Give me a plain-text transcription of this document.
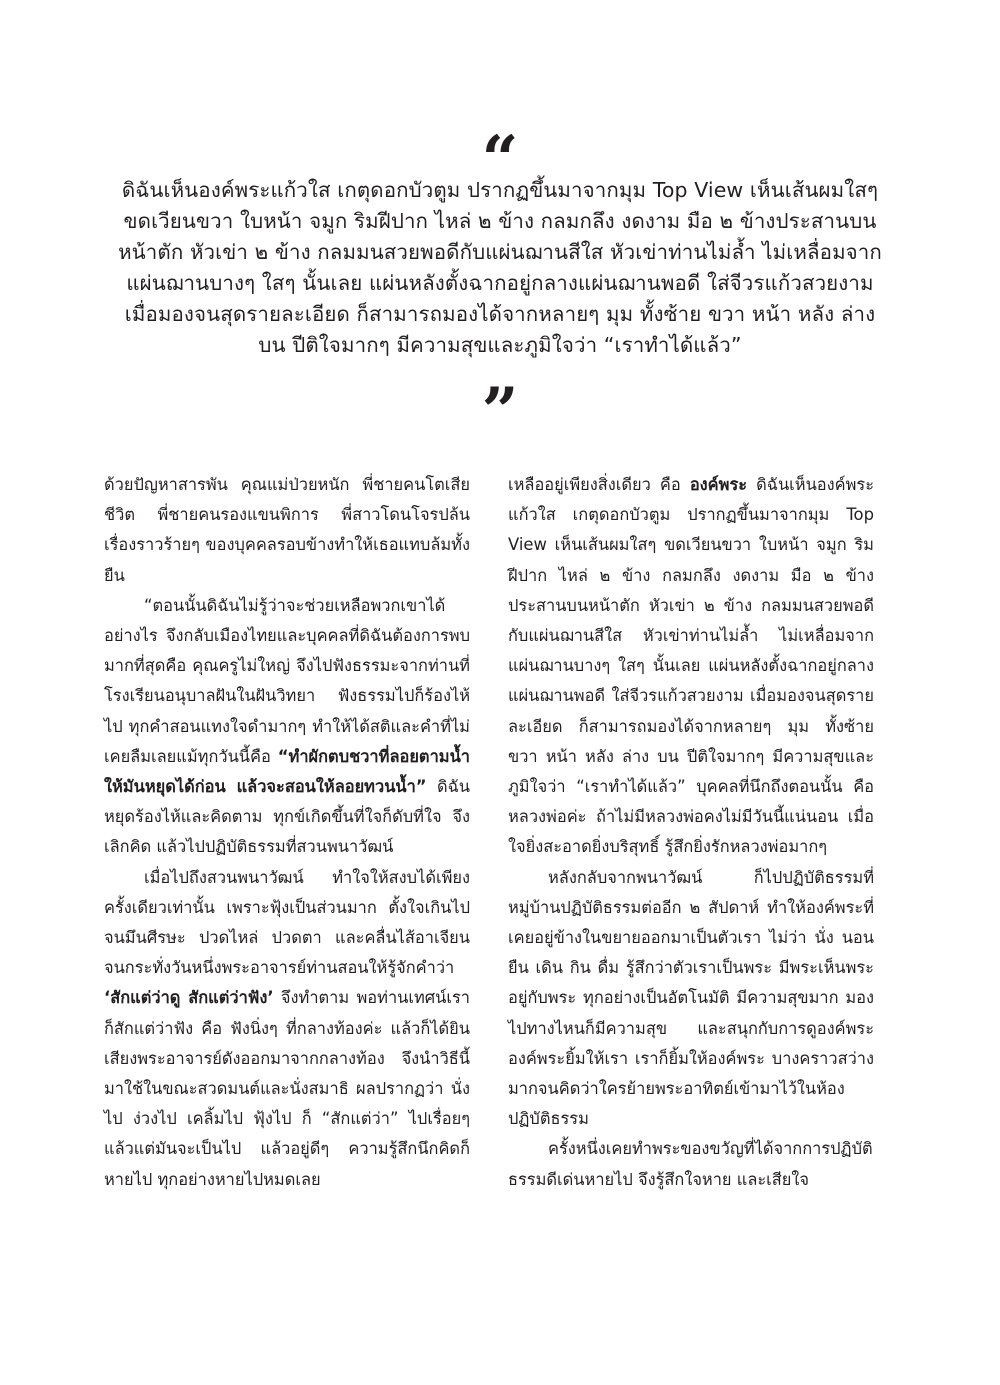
“

ดิฉันเห็นองค์พระแก้วใส เกตุดอกบัวตูม ปรากฏขึ้นมาจากมุม Top View เห็นเส้นผมใสๆ ขดเวียนขวา ใบหน้า จมูก ริมฝีปาก ไหล่ ๒ ข้าง กลมกลึง งดงาม มือ ๒ ข้างประสานบนหน้าตัก หัวเข่า ๒ ข้าง กลมมนสวยพอดีกับแผ่นฌานสีใส หัวเข่าท่านไม่ล้ำ ไม่เหลื่อมจากแผ่นฌานบางๆ ใสๆ นั้นเลย แผ่นหลังตั้งฉากอยู่กลางแผ่นฌานพอดี ใส่จีวรแก้วสวยงาม เมื่อมองจนสุดรายละเอียด ก็สามารถมองได้จากหลายๆ มุม ทั้งซ้าย ขวา หน้า หลัง ล่าง บน ปีติใจมากๆ มีความสุขและภูมิใจว่า “เราทำได้แล้ว”

”

ด้วยปัญหาสารพัน คุณแม่ป่วยหนัก พี่ชายคนโตเสียชีวิต พี่ชายคนรองแขนพิการ พี่สาวโดนโจรปล้น เรื่องราวร้ายๆ ของบุคคลรอบข้างทำให้เธอแทบล้มทั้งยืน

“ตอนนั้นดิฉันไม่รู้ว่าจะช่วยเหลือพวกเขาได้อย่างไร จึงกลับเมืองไทยและบุคคลที่ดิฉันต้องการพบมากที่สุดคือ คุณครูไม่ใหญ่ จึงไปฟังธรรมะจากท่านที่โรงเรียนอนุบาลฝันในฝันวิทยา ฟังธรรมไปก็ร้องไห้ไป ทุกคำสอนแทงใจดำมากๆ ทำให้ได้สติและคำที่ไม่เคยลืมเลยแม้ทุกวันนี้คือ “ทำผักตบชวาที่ลอยตามน้ำให้มันหยุดได้ก่อน แล้วจะสอนให้ลอยทวนน้ำ” ดิฉันหยุดร้องไห้และคิดตาม ทุกข์เกิดขึ้นที่ใจก็ดับที่ใจ จึงเลิกคิด แล้วไปปฏิบัติธรรมที่สวนพนาวัฒน์

เมื่อไปถึงสวนพนาวัฒน์ ทำใจให้สงบได้เพียงครั้งเดียวเท่านั้น เพราะฟุ้งเป็นส่วนมาก ตั้งใจเกินไปจนมึนศีรษะ ปวดไหล่ ปวดตา และคลื่นไส้อาเจียน จนกระทั่งวันหนึ่งพระอาจารย์ท่านสอนให้รู้จักคำว่า ‘สักแต่ว่าดู สักแต่ว่าฟัง’ จึงทำตาม พอท่านเทศน์เราก็สักแต่ว่าฟัง คือ ฟังนิ่งๆ ที่กลางท้องค่ะ แล้วก็ได้ยินเสียงพระอาจารย์ดังออกมาจากกลางท้อง จึงนำวิธีนี้มาใช้ในขณะสวดมนต์และนั่งสมาธิ ผลปรากฏว่า นั่งไป ง่วงไป เคลิ้มไป ฟุ้งไป ก็ “สักแต่ว่า” ไปเรื่อยๆ แล้วแต่มันจะเป็นไป แล้วอยู่ดีๆ ความรู้สึกนึกคิดก็หายไป ทุกอย่างหายไปหมดเลย

เหลืออยู่เพียงสิ่งเดียว คือ องค์พระ ดิฉันเห็นองค์พระแก้วใส เกตุดอกบัวตูม ปรากฏขึ้นมาจากมุม Top View เห็นเส้นผมใสๆ ขดเวียนขวา ใบหน้า จมูก ริมฝีปาก ไหล่ ๒ ข้าง กลมกลึง งดงาม มือ ๒ ข้างประสานบนหน้าตัก หัวเข่า ๒ ข้าง กลมมนสวยพอดีกับแผ่นฌานสีใส หัวเข่าท่านไม่ล้ำ ไม่เหลื่อมจากแผ่นฌานบางๆ ใสๆ นั้นเลย แผ่นหลังตั้งฉากอยู่กลางแผ่นฌานพอดี ใส่จีวรแก้วสวยงาม เมื่อมองจนสุดรายละเอียด ก็สามารถมองได้จากหลายๆ มุม ทั้งซ้าย ขวา หน้า หลัง ล่าง บน ปีติใจมากๆ มีความสุขและภูมิใจว่า “เราทำได้แล้ว” บุคคลที่นึกถึงตอนนั้น คือ หลวงพ่อค่ะ ถ้าไม่มีหลวงพ่อคงไม่มีวันนี้แน่นอน เมื่อใจยิ่งสะอาดยิ่งบริสุทธิ์ รู้สึกยิ่งรักหลวงพ่อมากๆ

หลังกลับจากพนาวัฒน์ ก็ไปปฏิบัติธรรมที่หมู่บ้านปฏิบัติธรรมต่ออีก ๒ สัปดาห์ ทำให้องค์พระที่เคยอยู่ข้างในขยายออกมาเป็นตัวเรา ไม่ว่า นั่ง นอน ยืน เดิน กิน ดื่ม รู้สึกว่าตัวเราเป็นพระ มีพระเห็นพระ อยู่กับพระ ทุกอย่างเป็นอัตโนมัติ มีความสุขมาก มองไปทางไหนก็มีความสุข และสนุกกับการดูองค์พระ องค์พระยิ้มให้เรา เราก็ยิ้มให้องค์พระ บางคราวสว่างมากจนคิดว่าใครย้ายพระอาทิตย์เข้ามาไว้ในห้องปฏิบัติธรรม

ครั้งหนึ่งเคยทำพระของขวัญที่ได้จากการปฏิบัติธรรมดีเด่นหายไป จึงรู้สึกใจหาย และเสียใจ
